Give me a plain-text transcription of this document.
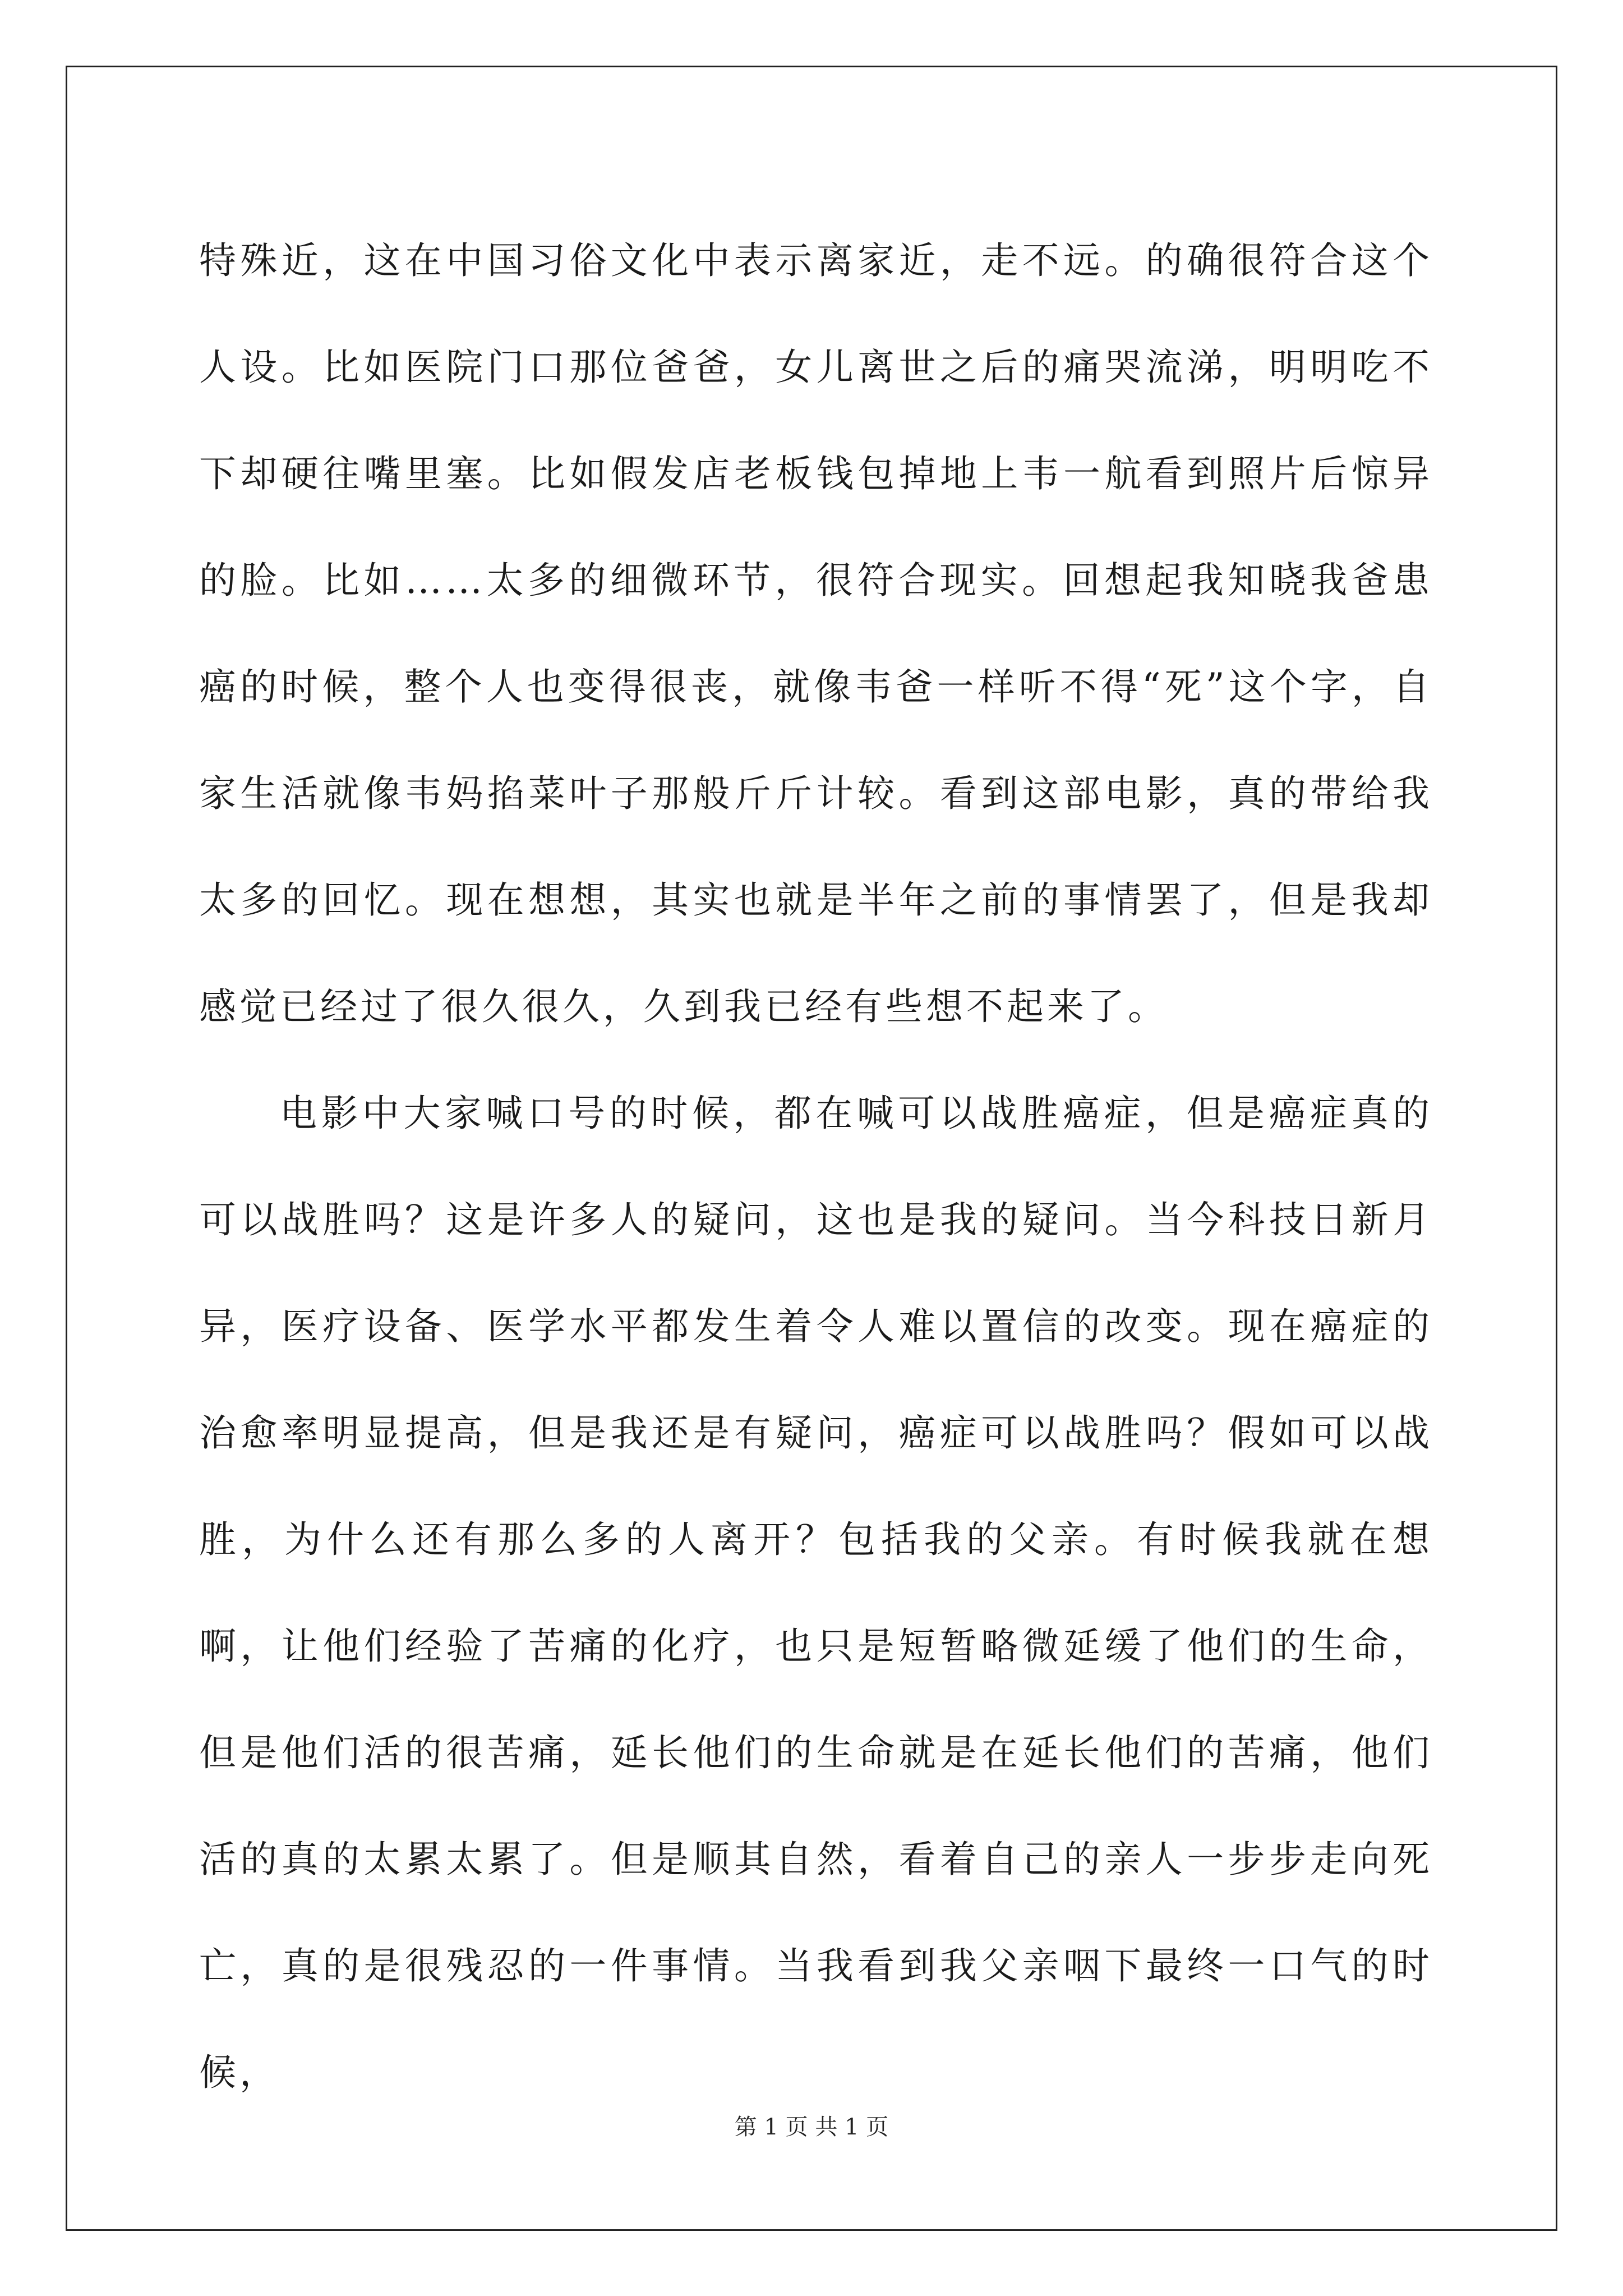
特殊近，这在中国习俗文化中表示离家近，走不远。的确很符合这个人设。比如医院门口那位爸爸，女儿离世之后的痛哭流涕，明明吃不下却硬往嘴里塞。比如假发店老板钱包掉地上韦一航看到照片后惊异的脸。比如……太多的细微环节，很符合现实。回想起我知晓我爸患癌的时候，整个人也变得很丧，就像韦爸一样听不得“死”这个字，自家生活就像韦妈掐菜叶子那般斤斤计较。看到这部电影，真的带给我太多的回忆。现在想想，其实也就是半年之前的事情罢了，但是我却感觉已经过了很久很久，久到我已经有些想不起来了。

电影中大家喊口号的时候，都在喊可以战胜癌症，但是癌症真的可以战胜吗？这是许多人的疑问，这也是我的疑问。当今科技日新月异，医疗设备、医学水平都发生着令人难以置信的改变。现在癌症的治愈率明显提高，但是我还是有疑问，癌症可以战胜吗？假如可以战胜，为什么还有那么多的人离开？包括我的父亲。有时候我就在想啊，让他们经验了苦痛的化疗，也只是短暂略微延缓了他们的生命，但是他们活的很苦痛，延长他们的生命就是在延长他们的苦痛，他们活的真的太累太累了。但是顺其自然，看着自己的亲人一步步走向死亡，真的是很残忍的一件事情。当我看到我父亲咽下最终一口气的时候，

第 1 页 共 1 页
